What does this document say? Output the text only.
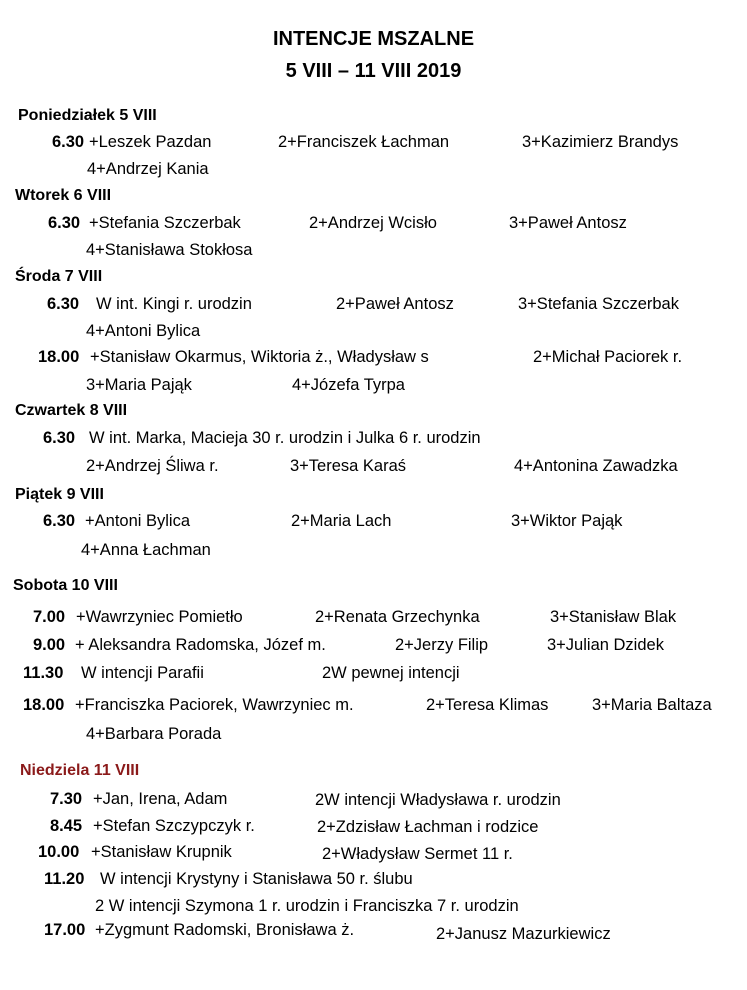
INTENCJE MSZALNE
5 VIII – 11 VIII 2019
Poniedziałek 5 VIII
6.30 +Leszek Pazdan	2+Franciszek Łachman	3+Kazimierz Brandys
4+Andrzej Kania
Wtorek 6 VIII
6.30 +Stefania Szczerbak	2+Andrzej Wcisło	3+Paweł Antosz
4+Stanisława Stokłosa
Środa 7 VIII
6.30 W int. Kingi r. urodzin	2+Paweł Antosz	3+Stefania Szczerbak
4+Antoni Bylica
18.00 +Stanisław Okarmus, Wiktoria ż., Władysław s	2+Michał Paciorek r.
3+Maria Pająk	4+Józefa Tyrpa
Czwartek 8 VIII
6.30 W int. Marka, Macieja 30 r. urodzin i Julka 6 r. urodzin
2+Andrzej Śliwa r.	3+Teresa Karaś	4+Antonina Zawadzka
Piątek 9 VIII
6.30 +Antoni Bylica	2+Maria Lach	3+Wiktor Pająk
4+Anna Łachman
Sobota 10 VIII
7.00 +Wawrzyniec Pomietło	2+Renata Grzechynka	3+Stanisław Blak
9.00 + Aleksandra Radomska, Józef m.	2+Jerzy Filip	3+Julian Dzidek
11.30 W intencji Parafii	2W pewnej intencji
18.00 +Franciszka Paciorek, Wawrzyniec m.	2+Teresa Klimas	3+Maria Baltaza
4+Barbara Porada
Niedziela 11 VIII
7.30 +Jan, Irena, Adam	2W intencji Władysława r. urodzin
8.45 +Stefan Szczypczyk r.	2+Zdzisław Łachman i rodzice
10.00 +Stanisław Krupnik	2+Władysław Sermet 11 r.
11.20 W intencji Krystyny i Stanisława 50 r. ślubu
2 W intencji Szymona 1 r. urodzin i Franciszka 7 r. urodzin
17.00 +Zygmunt Radomski, Bronisława ż.	2+Janusz Mazurkiewicz
